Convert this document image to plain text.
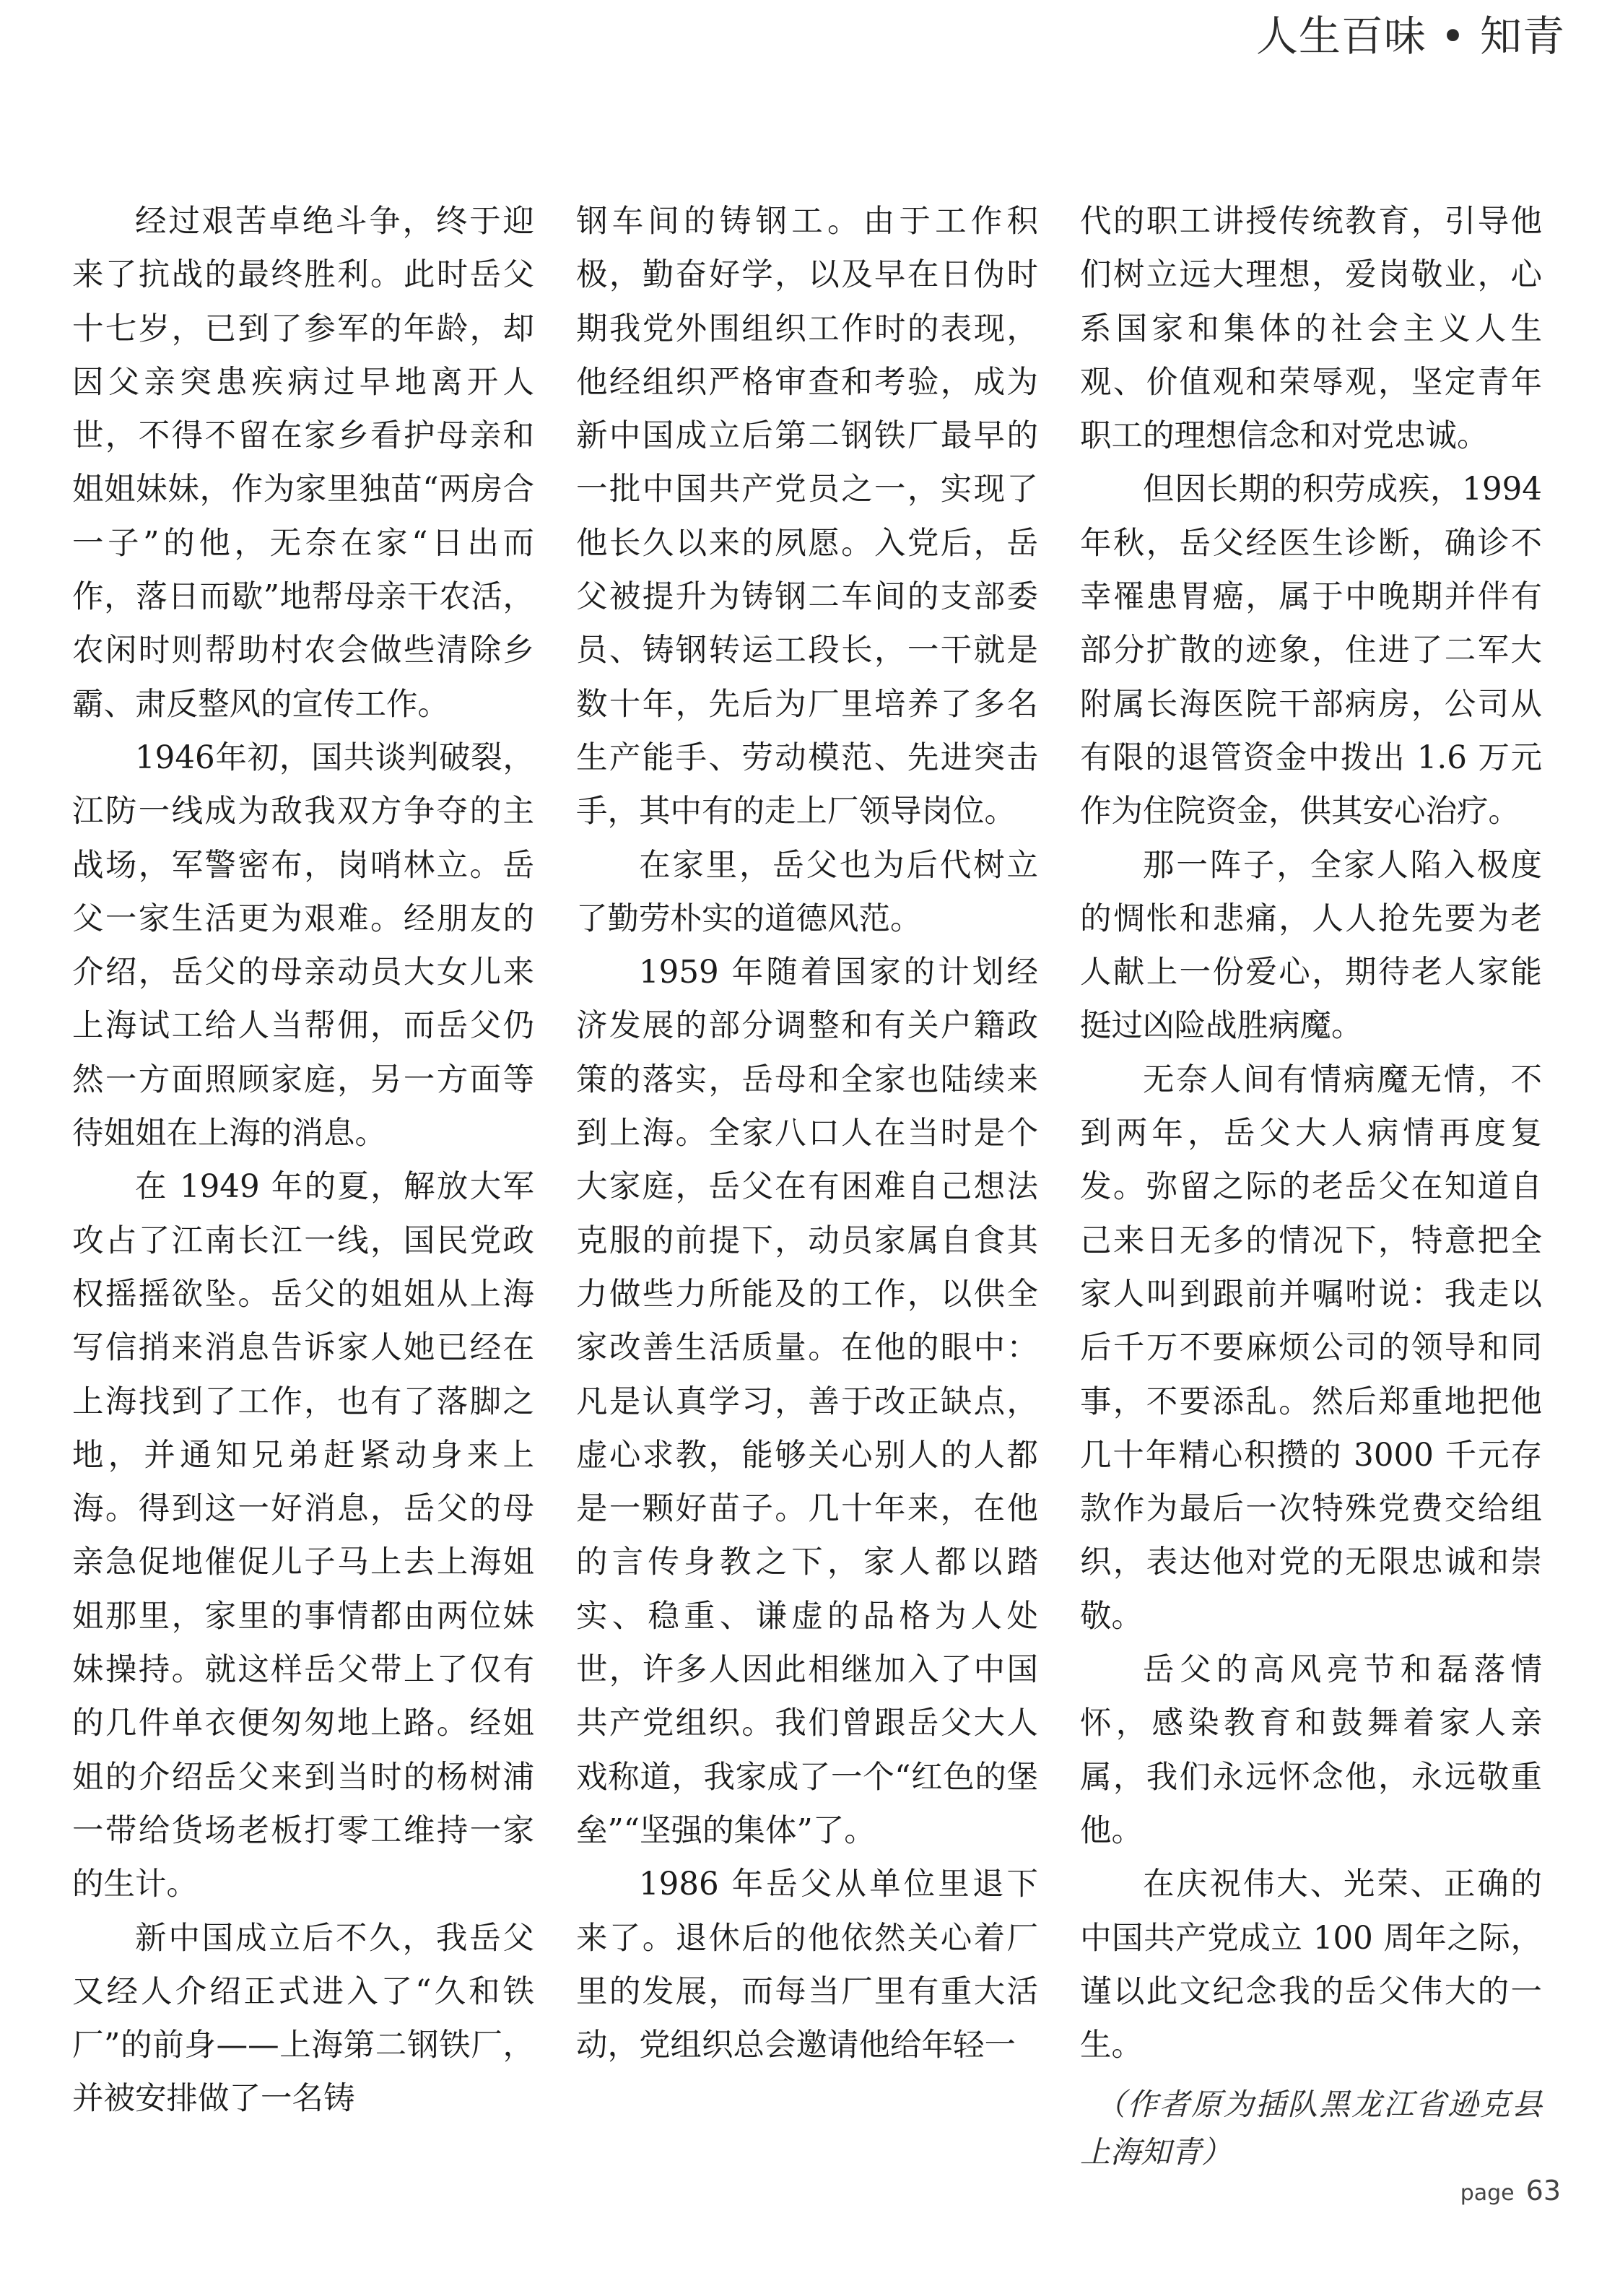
人生百味 • 知青

经过艰苦卓绝斗争，终于迎来了抗战的最终胜利。此时岳父十七岁，已到了参军的年龄，却因父亲突患疾病过早地离开人世，不得不留在家乡看护母亲和姐姐妹妹，作为家里独苗“两房合一子”的他，无奈在家“日出而作，落日而歇”地帮母亲干农活，农闲时则帮助村农会做些清除乡霸、肃反整风的宣传工作。

1946年初，国共谈判破裂，江防一线成为敌我双方争夺的主战场，军警密布，岗哨林立。岳父一家生活更为艰难。经朋友的介绍，岳父的母亲动员大女儿来上海试工给人当帮佣，而岳父仍然一方面照顾家庭，另一方面等待姐姐在上海的消息。

在 1949 年的夏，解放大军攻占了江南长江一线，国民党政权摇摇欲坠。岳父的姐姐从上海写信捎来消息告诉家人她已经在上海找到了工作，也有了落脚之地，并通知兄弟赶紧动身来上海。得到这一好消息，岳父的母亲急促地催促儿子马上去上海姐姐那里，家里的事情都由两位妹妹操持。就这样岳父带上了仅有的几件单衣便匆匆地上路。经姐姐的介绍岳父来到当时的杨树浦一带给货场老板打零工维持一家的生计。

新中国成立后不久，我岳父又经人介绍正式进入了“久和铁厂”的前身——上海第二钢铁厂，并被安排做了一名铸

钢车间的铸钢工。由于工作积极，勤奋好学，以及早在日伪时期我党外围组织工作时的表现，他经组织严格审查和考验，成为新中国成立后第二钢铁厂最早的一批中国共产党员之一，实现了他长久以来的夙愿。入党后，岳父被提升为铸钢二车间的支部委员、铸钢转运工段长，一干就是数十年，先后为厂里培养了多名生产能手、劳动模范、先进突击手，其中有的走上厂领导岗位。

在家里，岳父也为后代树立了勤劳朴实的道德风范。

1959 年随着国家的计划经济发展的部分调整和有关户籍政策的落实，岳母和全家也陆续来到上海。全家八口人在当时是个大家庭，岳父在有困难自己想法克服的前提下，动员家属自食其力做些力所能及的工作，以供全家改善生活质量。在他的眼中：凡是认真学习，善于改正缺点，虚心求教，能够关心别人的人都是一颗好苗子。几十年来，在他的言传身教之下，家人都以踏实、稳重、谦虚的品格为人处世，许多人因此相继加入了中国共产党组织。我们曾跟岳父大人戏称道，我家成了一个“红色的堡垒”“坚强的集体”了。

1986 年岳父从单位里退下来了。退休后的他依然关心着厂里的发展，而每当厂里有重大活动，党组织总会邀请他给年轻一

代的职工讲授传统教育，引导他们树立远大理想，爱岗敬业，心系国家和集体的社会主义人生观、价值观和荣辱观，坚定青年职工的理想信念和对党忠诚。

但因长期的积劳成疾，1994 年秋，岳父经医生诊断，确诊不幸罹患胃癌，属于中晚期并伴有部分扩散的迹象，住进了二军大附属长海医院干部病房，公司从有限的退管资金中拨出 1.6 万元作为住院资金，供其安心治疗。

那一阵子，全家人陷入极度的惆怅和悲痛，人人抢先要为老人献上一份爱心，期待老人家能挺过凶险战胜病魔。

无奈人间有情病魔无情，不到两年，岳父大人病情再度复发。弥留之际的老岳父在知道自己来日无多的情况下，特意把全家人叫到跟前并嘱咐说：我走以后千万不要麻烦公司的领导和同事，不要添乱。然后郑重地把他几十年精心积攒的 3000 千元存款作为最后一次特殊党费交给组织，表达他对党的无限忠诚和崇敬。

岳父的高风亮节和磊落情怀，感染教育和鼓舞着家人亲属，我们永远怀念他，永远敬重他。

在庆祝伟大、光荣、正确的中国共产党成立 100 周年之际，谨以此文纪念我的岳父伟大的一生。

（作者原为插队黑龙江省逊克县上海知青）

page 63
